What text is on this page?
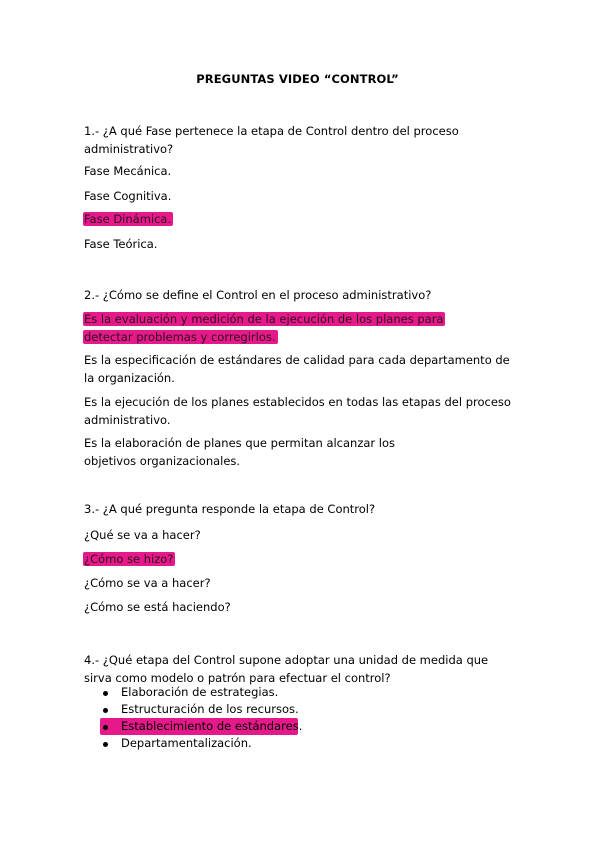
PREGUNTAS VIDEO “CONTROL”
1.- ¿A qué Fase pertenece la etapa de Control dentro del proceso administrativo?
Fase Mecánica.
Fase Cognitiva.
Fase Dinámica.
Fase Teórica.
2.- ¿Cómo se define el Control en el proceso administrativo?
Es la evaluación y medición de la ejecución de los planes para detectar problemas y corregirlos.
Es la especificación de estándares de calidad para cada departamento de la organización.
Es la ejecución de los planes establecidos en todas las etapas del proceso administrativo.
Es la elaboración de planes que permitan alcanzar los objetivos organizacionales.
3.- ¿A qué pregunta responde la etapa de Control?
¿Qué se va a hacer?
¿Cómo se hizo?
¿Cómo se va a hacer?
¿Cómo se está haciendo?
4.- ¿Qué etapa del Control supone adoptar una unidad de medida que sirva como modelo o patrón para efectuar el control?
Elaboración de estrategias.
Estructuración de los recursos.
Establecimiento de estándares.
Departamentalización.
